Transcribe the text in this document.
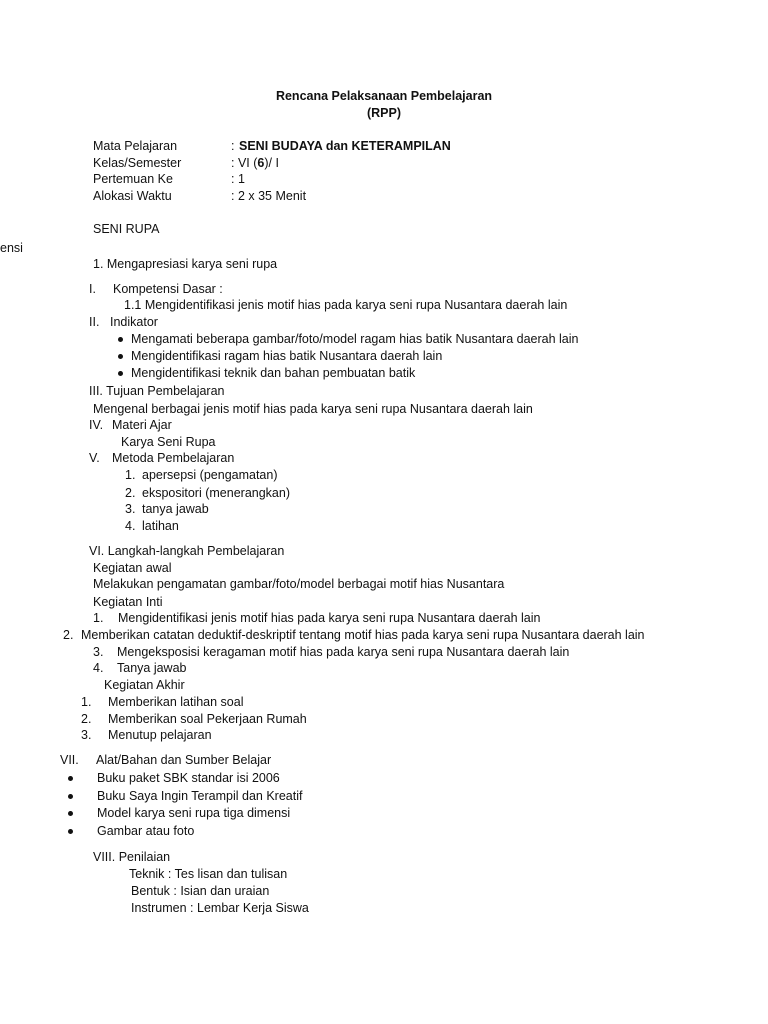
Rencana Pelaksanaan Pembelajaran
(RPP)
Mata Pelajaran	: SENI BUDAYA dan KETERAMPILAN
Kelas/Semester	: VI (6)/ I
Pertemuan Ke	: 1
Alokasi Waktu	: 2 x 35 Menit
SENI RUPA
ensi
1. Mengapresiasi karya seni rupa
I. Kompetensi Dasar :
1.1 Mengidentifikasi jenis motif hias pada karya seni rupa Nusantara daerah lain
II. Indikator
Mengamati beberapa gambar/foto/model ragam hias batik Nusantara daerah lain
Mengidentifikasi ragam hias batik Nusantara daerah lain
Mengidentifikasi teknik dan bahan pembuatan batik
III. Tujuan Pembelajaran
Mengenal berbagai jenis motif hias pada karya seni rupa Nusantara daerah lain
IV. Materi Ajar
Karya Seni Rupa
V. Metoda Pembelajaran
1. apersepsi (pengamatan)
2. ekspositori (menerangkan)
3. tanya jawab
4. latihan
VI. Langkah-langkah Pembelajaran
Kegiatan awal
Melakukan pengamatan gambar/foto/model berbagai motif hias Nusantara
Kegiatan Inti
1. Mengidentifikasi jenis motif hias pada karya seni rupa Nusantara daerah lain
2. Memberikan catatan deduktif-deskriptif tentang motif hias pada karya seni rupa Nusantara daerah lain
3. Mengeksposisi keragaman motif hias pada karya seni rupa Nusantara daerah lain
4. Tanya jawab
Kegiatan Akhir
1. Memberikan latihan soal
2. Memberikan soal Pekerjaan Rumah
3. Menutup pelajaran
VII. Alat/Bahan dan Sumber Belajar
Buku paket SBK standar isi 2006
Buku Saya Ingin Terampil dan Kreatif
Model karya seni rupa tiga dimensi
Gambar atau foto
VIII. Penilaian
Teknik : Tes lisan dan tulisan
Bentuk : Isian dan uraian
Instrumen : Lembar Kerja Siswa
